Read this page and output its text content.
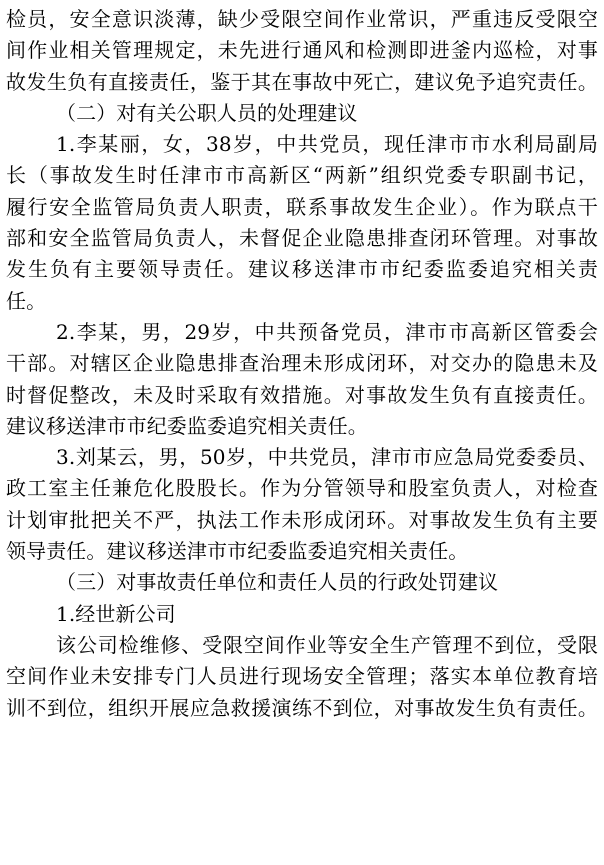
检员，安全意识淡薄，缺少受限空间作业常识，严重违反受限空
间作业相关管理规定，未先进行通风和检测即进釜内巡检，对事
故发生负有直接责任，鉴于其在事故中死亡，建议免予追究责任。
（二）对有关公职人员的处理建议
1.李某丽，女，38岁，中共党员，现任津市市水利局副局
长（事故发生时任津市市高新区“两新”组织党委专职副书记，
履行安全监管局负责人职责，联系事故发生企业）。作为联点干
部和安全监管局负责人，未督促企业隐患排查闭环管理。对事故
发生负有主要领导责任。建议移送津市市纪委监委追究相关责
任。
2.李某，男，29岁，中共预备党员，津市市高新区管委会
干部。对辖区企业隐患排查治理未形成闭环，对交办的隐患未及
时督促整改，未及时采取有效措施。对事故发生负有直接责任。
建议移送津市市纪委监委追究相关责任。
3.刘某云，男，50岁，中共党员，津市市应急局党委委员、
政工室主任兼危化股股长。作为分管领导和股室负责人，对检查
计划审批把关不严，执法工作未形成闭环。对事故发生负有主要
领导责任。建议移送津市市纪委监委追究相关责任。
（三）对事故责任单位和责任人员的行政处罚建议
1.经世新公司
该公司检维修、受限空间作业等安全生产管理不到位，受限
空间作业未安排专门人员进行现场安全管理；落实本单位教育培
训不到位，组织开展应急救援演练不到位，对事故发生负有责任。
